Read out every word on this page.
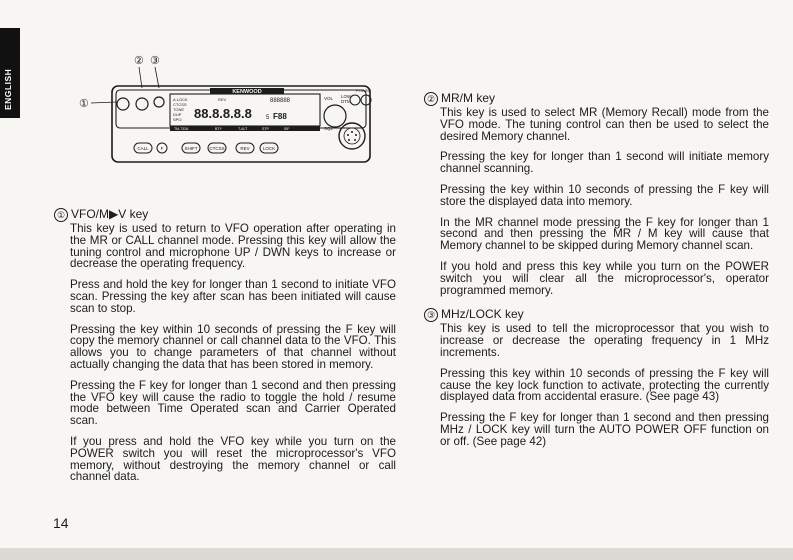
ENGLISH
② ③
①
KENWOOD
A.LOCK
CTCSS
TONE
DUP
SPO
REV	888888
88.8.8.8.8 5 F88
TM-732A	BTY	T-ALT	STP	SIF
VOL
SQL
LOW
DTM
POWER
CALL	F	SHIFT	CTCSS	REV	LOCK
① VFO/M▶V key

This key is used to return to VFO operation after operating in the MR or CALL channel mode. Pressing this key will allow the tuning control and microphone UP / DWN keys to increase or decrease the operating frequency.

Press and hold the key for longer than 1 second to initiate VFO scan. Pressing the key after scan has been initiated will cause scan to stop.

Pressing the key within 10 seconds of pressing the F key will copy the memory channel or call channel data to the VFO. This allows you to change parameters of that channel without actually changing the data that has been stored in memory.

Pressing the F key for longer than 1 second and then pressing the VFO key will cause the radio to toggle the hold / resume mode between Time Operated scan and Carrier Operated scan.

If you press and hold the VFO key while you turn on the POWER switch you will reset the microprocessor's VFO memory, without destroying the memory channel or call channel data.

② MR/M key

This key is used to select MR (Memory Recall) mode from the VFO mode. The tuning control can then be used to select the desired Memory channel.

Pressing the key for longer than 1 second will initiate memory channel scanning.

Pressing the key within 10 seconds of pressing the F key will store the displayed data into memory.

In the MR channel mode pressing the F key for longer than 1 second and then pressing the MR / M key will cause that Memory channel to be skipped during Memory channel scan.

If you hold and press this key while you turn on the POWER switch you will clear all the microprocessor's, operator programmed memory.

③ MHz/LOCK key

This key is used to tell the microprocessor that you wish to increase or decrease the operating frequency in 1 MHz increments.

Pressing this key within 10 seconds of pressing the F key will cause the key lock function to activate, protecting the currently displayed data from accidental erasure. (See page 43)

Pressing the F key for longer than 1 second and then pressing MHz / LOCK key will turn the AUTO POWER OFF function on or off. (See page 42)

14
